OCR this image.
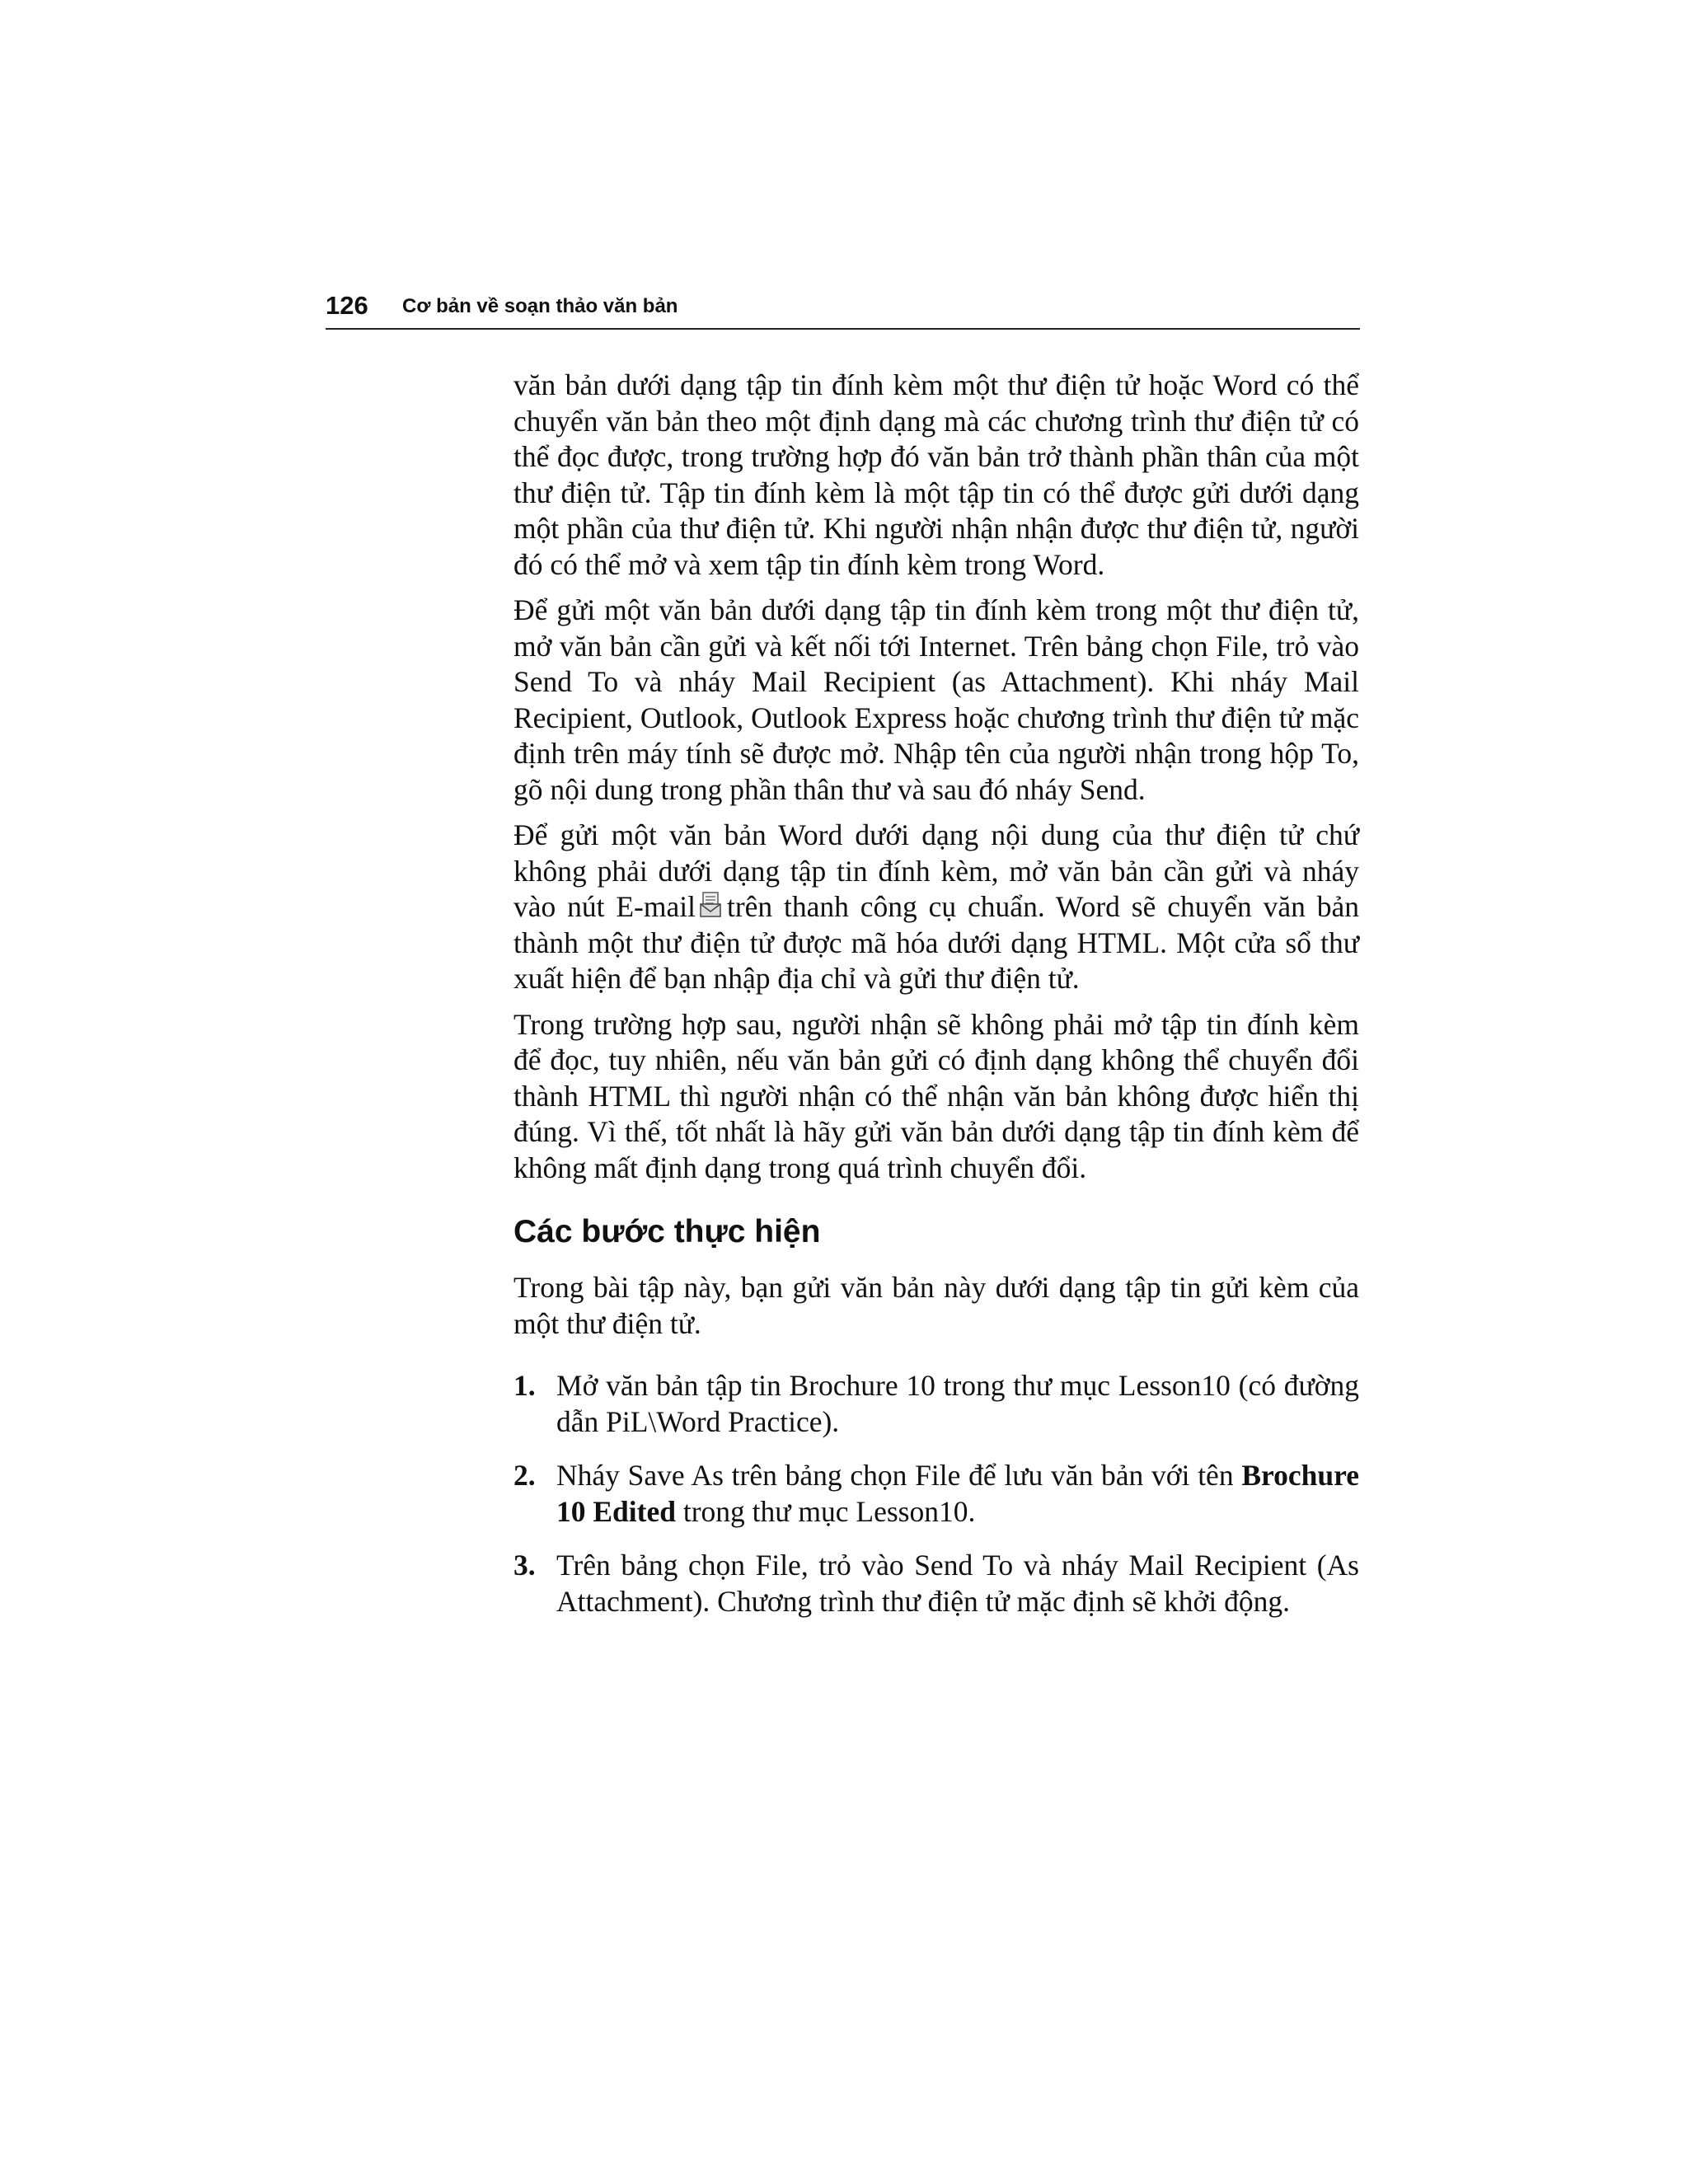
126 Cơ bản về soạn thảo văn bản

văn bản dưới dạng tập tin đính kèm một thư điện tử hoặc Word có thể chuyển văn bản theo một định dạng mà các chương trình thư điện tử có thể đọc được, trong trường hợp đó văn bản trở thành phần thân của một thư điện tử. Tập tin đính kèm là một tập tin có thể được gửi dưới dạng một phần của thư điện tử. Khi người nhận nhận được thư điện tử, người đó có thể mở và xem tập tin đính kèm trong Word.

Để gửi một văn bản dưới dạng tập tin đính kèm trong một thư điện tử, mở văn bản cần gửi và kết nối tới Internet. Trên bảng chọn File, trỏ vào Send To và nháy Mail Recipient (as Attachment). Khi nháy Mail Recipient, Outlook, Outlook Express hoặc chương trình thư điện tử mặc định trên máy tính sẽ được mở. Nhập tên của người nhận trong hộp To, gõ nội dung trong phần thân thư và sau đó nháy Send.

Để gửi một văn bản Word dưới dạng nội dung của thư điện tử chứ không phải dưới dạng tập tin đính kèm, mở văn bản cần gửi và nháy vào nút E-mail trên thanh công cụ chuẩn. Word sẽ chuyển văn bản thành một thư điện tử được mã hóa dưới dạng HTML. Một cửa sổ thư xuất hiện để bạn nhập địa chỉ và gửi thư điện tử.

Trong trường hợp sau, người nhận sẽ không phải mở tập tin đính kèm để đọc, tuy nhiên, nếu văn bản gửi có định dạng không thể chuyển đổi thành HTML thì người nhận có thể nhận văn bản không được hiển thị đúng. Vì thế, tốt nhất là hãy gửi văn bản dưới dạng tập tin đính kèm để không mất định dạng trong quá trình chuyển đổi.

Các bước thực hiện

Trong bài tập này, bạn gửi văn bản này dưới dạng tập tin gửi kèm của một thư điện tử.

1. Mở văn bản tập tin Brochure 10 trong thư mục Lesson10 (có đường dẫn PiL\Word Practice).
2. Nháy Save As trên bảng chọn File để lưu văn bản với tên Brochure 10 Edited trong thư mục Lesson10.
3. Trên bảng chọn File, trỏ vào Send To và nháy Mail Recipient (As Attachment). Chương trình thư điện tử mặc định sẽ khởi động.
